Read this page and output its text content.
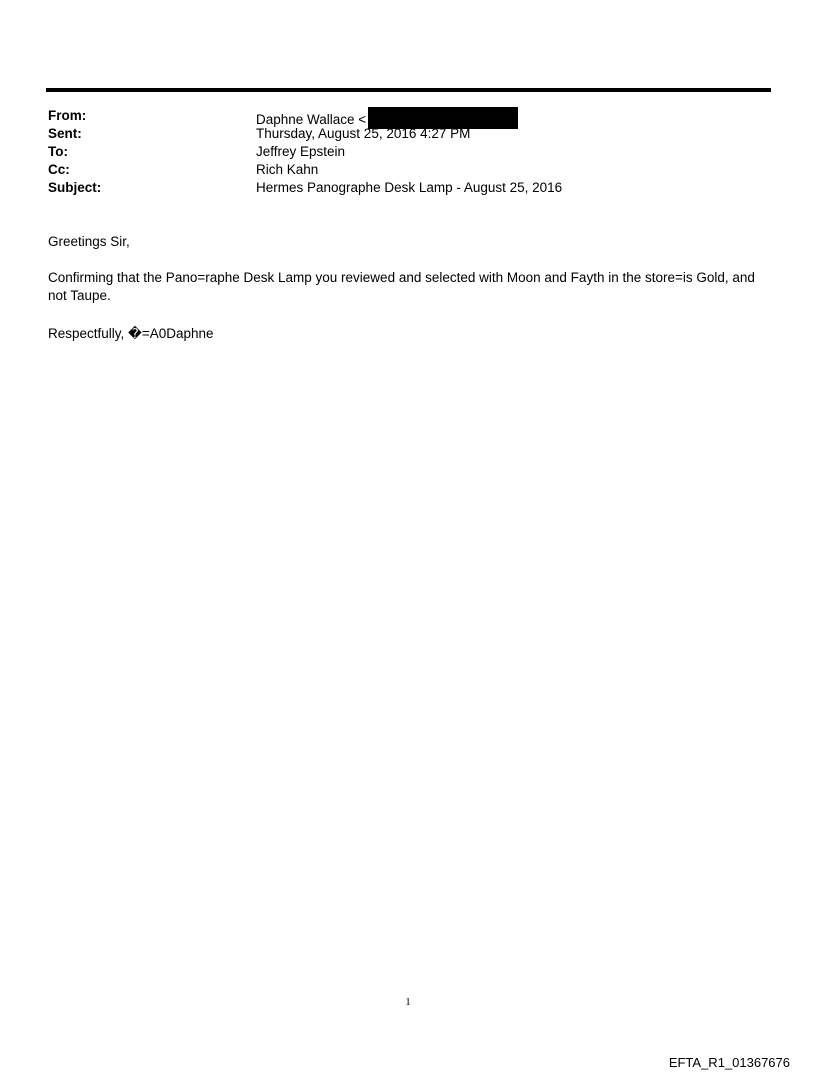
From:	Daphne Wallace <
Sent:	Thursday, August 25, 2016 4:27 PM
To:	Jeffrey Epstein
Cc:	Rich Kahn
Subject:	Hermes Panographe Desk Lamp - August 25, 2016
Greetings Sir,
Confirming that the Pano=raphe Desk Lamp you reviewed and selected with Moon and Fayth in the store=is Gold, and not Taupe.
Respectfully, �=A0Daphne
1
EFTA_R1_01367676
